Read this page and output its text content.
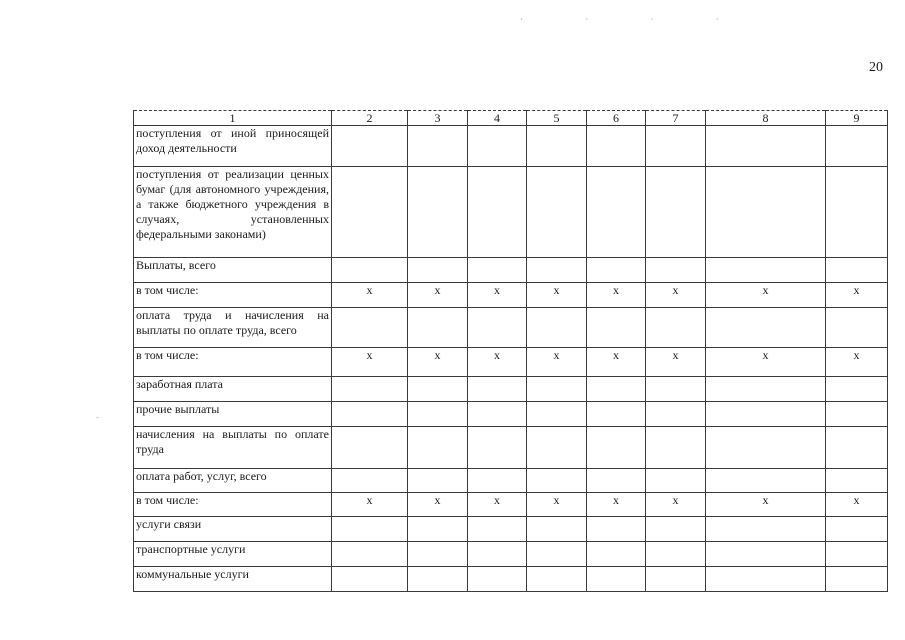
· · · ·
-
20
1	2	3	4	5	6	7	8	9
поступления от иной приносящей доход деятельности								
поступления от реализации ценных бумаг (для автономного учреждения, а также бюджетного учреждения в случаях, установленных федеральными законами)								
Выплаты, всего								
в том числе:	х	х	х	х	х	х	х	х
оплата труда и начисления на выплаты по оплате труда, всего								
в том числе:	х	х	х	х	х	х	х	х
заработная плата								
прочие выплаты								
начисления на выплаты по оплате труда								
оплата работ, услуг, всего								
в том числе:	х	х	х	х	х	х	х	х
услуги связи								
транспортные услуги								
коммунальные услуги								
